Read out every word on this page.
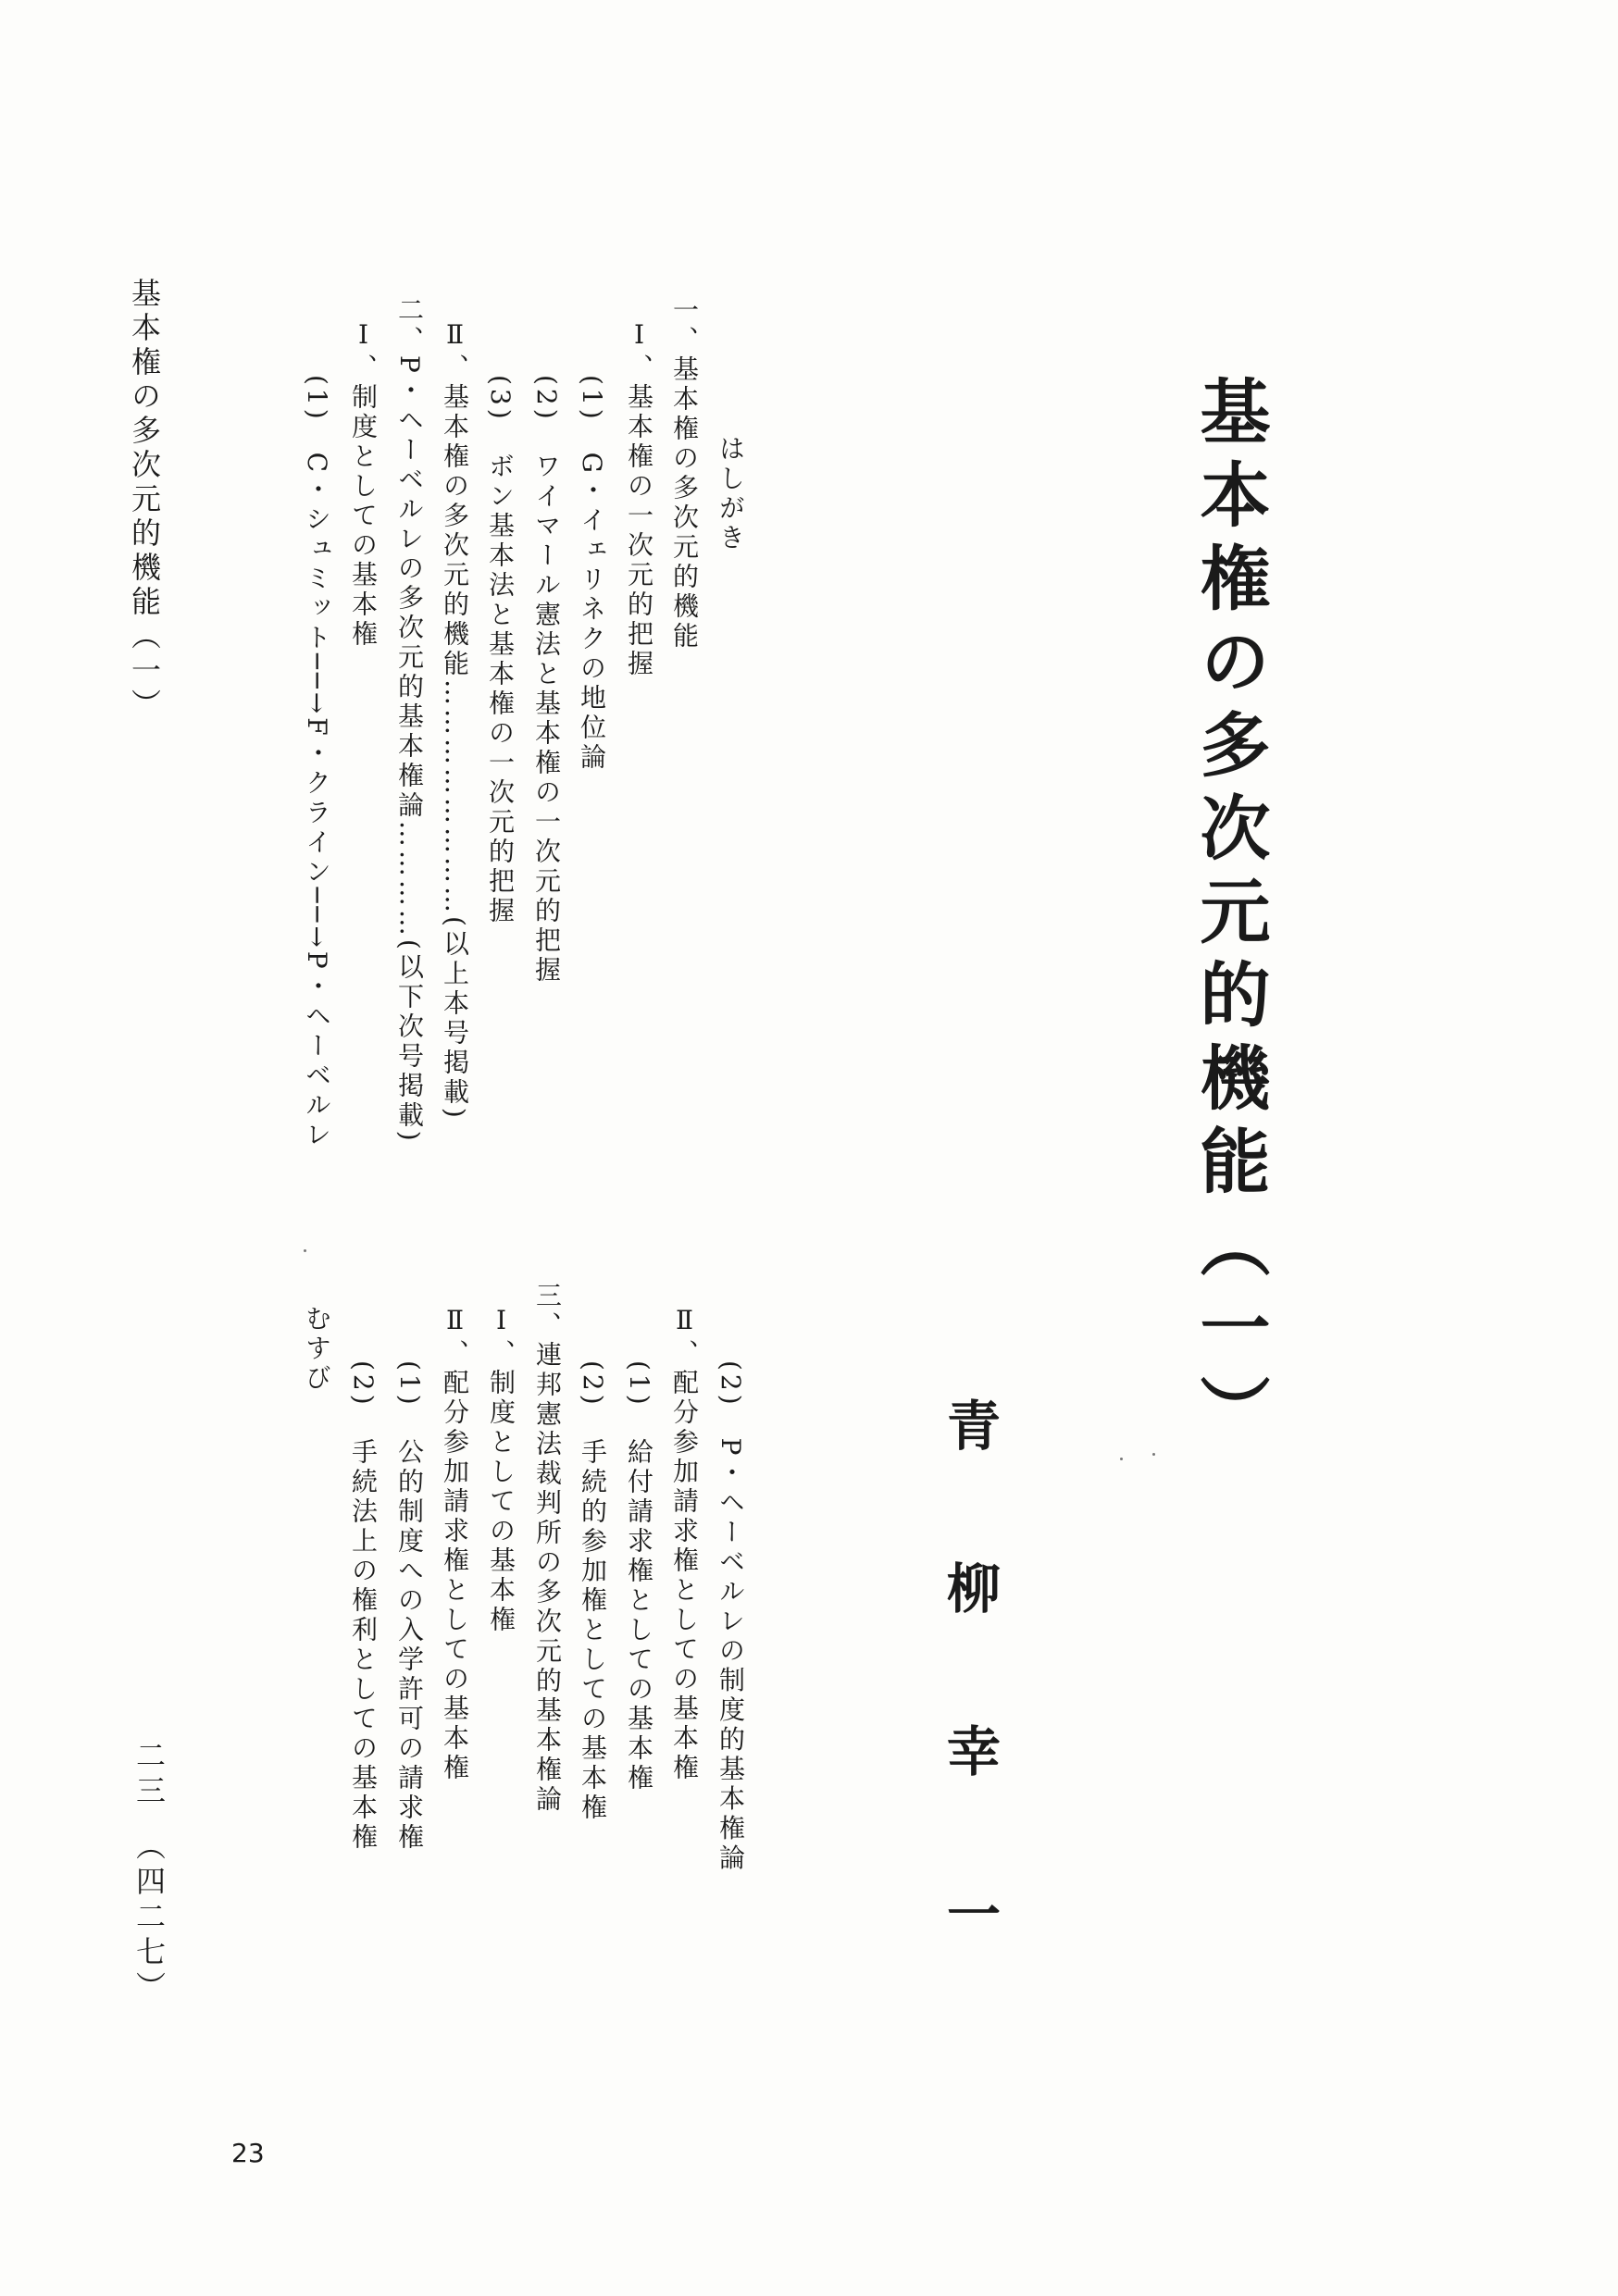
基本権の多次元的機能（一）
青柳幸一
はしがき
一、基本権の多次元的機能
Ⅰ、基本権の一次元的把握
(1)　G・イェリネクの地位論
(2)　ワイマール憲法と基本権の一次元的把握
(3)　ボン基本法と基本権の一次元的把握
Ⅱ、基本権の多次元的機能……………………(以上本号掲載)
二、P・ヘーベルレの多次元的基本権論…………(以下次号掲載)
Ⅰ、制度としての基本権
(1)　C・シュミット──→F・クライン──→P・ヘーベルレ
(2)　P・ヘーベルレの制度的基本権論
Ⅱ、配分参加請求権としての基本権
(1)　給付請求権としての基本権
(2)　手続的参加権としての基本権
三、連邦憲法裁判所の多次元的基本権論
Ⅰ、制度としての基本権
Ⅱ、配分参加請求権としての基本権
(1)　公的制度への入学許可の請求権
(2)　手続法上の権利としての基本権
むすび
基本権の多次元的機能（一）
二三　（四二七）
23
